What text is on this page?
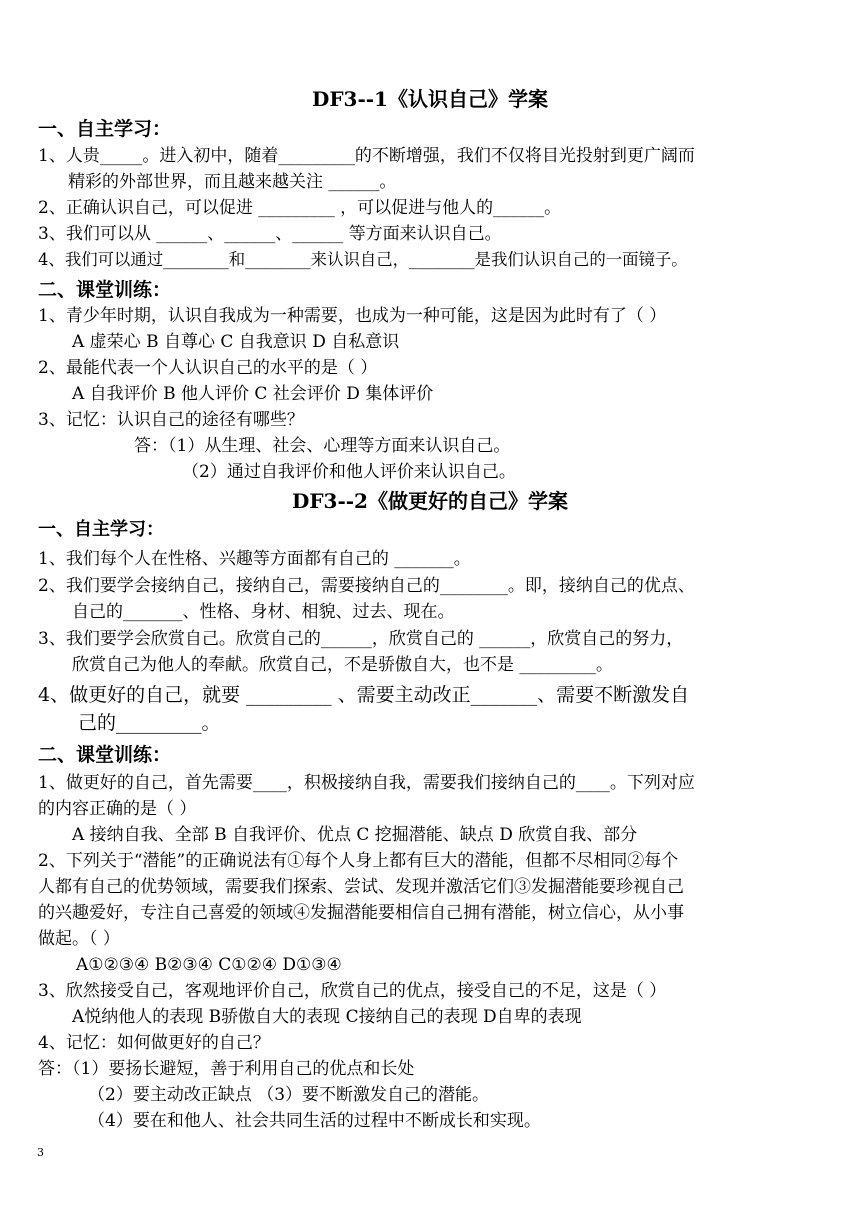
DF3--1《认识自己》学案
一、自主学习：
1、人贵_____。进入初中，随着_________的不断增强，我们不仅将目光投射到更广阔而
精彩的外部世界，而且越来越关注 ______。
2、正确认识自己，可以促进 _________ ，可以促进与他人的______。
3、我们可以从 ______、______、______ 等方面来认识自己。
4、我们可以通过________和________来认识自己，________是我们认识自己的一面镜子。
二、课堂训练：
1、青少年时期，认识自我成为一种需要，也成为一种可能，这是因为此时有了（ ）
A 虚荣心 B 自尊心 C 自我意识 D 自私意识
2、最能代表一个人认识自己的水平的是（ ）
A 自我评价 B 他人评价 C 社会评价 D 集体评价
3、记忆：认识自己的途径有哪些？
答：（1）从生理、社会、心理等方面来认识自己。
（2）通过自我评价和他人评价来认识自己。
DF3--2《做更好的自己》学案
一、自主学习：
1、我们每个人在性格、兴趣等方面都有自己的 _______。
2、我们要学会接纳自己，接纳自己，需要接纳自己的________。即，接纳自己的优点、
自己的_______、性格、身材、相貌、过去、现在。
3、我们要学会欣赏自己。欣赏自己的______，欣赏自己的 ______，欣赏自己的努力，
欣赏自己为他人的奉献。欣赏自己，不是骄傲自大，也不是 _________。
4、做更好的自己，就要 _________ 、需要主动改正_______、需要不断激发自
己的_________。
二、课堂训练：
1、做更好的自己，首先需要____，积极接纳自我，需要我们接纳自己的____。下列对应
的内容正确的是（ ）
A 接纳自我、全部 B 自我评价、优点 C 挖掘潜能、缺点 D 欣赏自我、部分
2、下列关于“潜能”的正确说法有①每个人身上都有巨大的潜能，但都不尽相同②每个
人都有自己的优势领域，需要我们探索、尝试、发现并激活它们③发掘潜能要珍视自己
的兴趣爱好，专注自己喜爱的领域④发掘潜能要相信自己拥有潜能，树立信心，从小事
做起。（ ）
A①②③④ B②③④ C①②④ D①③④
3、欣然接受自己，客观地评价自己，欣赏自己的优点，接受自己的不足，这是（ ）
A悦纳他人的表现 B骄傲自大的表现 C接纳自己的表现 D自卑的表现
4、记忆：如何做更好的自己？
答：（1）要扬长避短，善于利用自己的优点和长处
（2）要主动改正缺点 （3）要不断激发自己的潜能。
（4）要在和他人、社会共同生活的过程中不断成长和实现。
3
